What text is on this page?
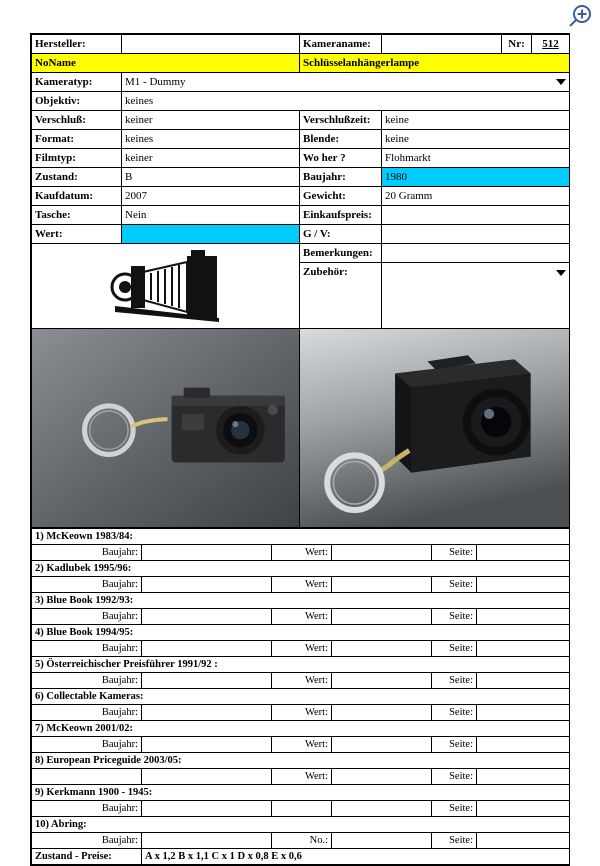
Hersteller:		Kameraname:		Nr:	512
NoName		Schlüsselanhängerlampe			
Kameratyp:	M1 - Dummy				

Objektiv:	keines				
Verschluß:	keiner	Verschlußzeit:	keine		
Format:	keines	Blende:	keine		
Filmtyp:	keiner	Wo her ?	Flohmarkt		
Zustand:	B	Baujahr:	1980		
Kaufdatum:	2007	Gewicht:	20 Gramm		
Tasche:	Nein	Einkaufspreis:			
Wert:		G / V:			

	Bemerkungen:			
		Zubehör:			

1) McKeown 1983/84:					
Baujahr:		Wert:		Seite:	
2) Kadlubek 1995/96:					
Baujahr:		Wert:		Seite:	
3) Blue Book 1992/93:					
Baujahr:		Wert:		Seite:	
4) Blue Book 1994/95:					
Baujahr:		Wert:		Seite:	
5) Österreichischer Preisführer 1991/92 :					
Baujahr:		Wert:		Seite:	
6) Collectable Kameras:					
Baujahr:		Wert:		Seite:	
7) McKeown 2001/02:					
Baujahr:		Wert:		Seite:	
8) European Priceguide 2003/05:					
		Wert:		Seite:	
9) Kerkmann 1900 - 1945:					
Baujahr:				Seite:	
10) Abring:					
Baujahr:		No.:		Seite:	
Zustand - Preise:	A x 1,2 B x 1,1 C x 1 D x 0,8 E x 0,6				
